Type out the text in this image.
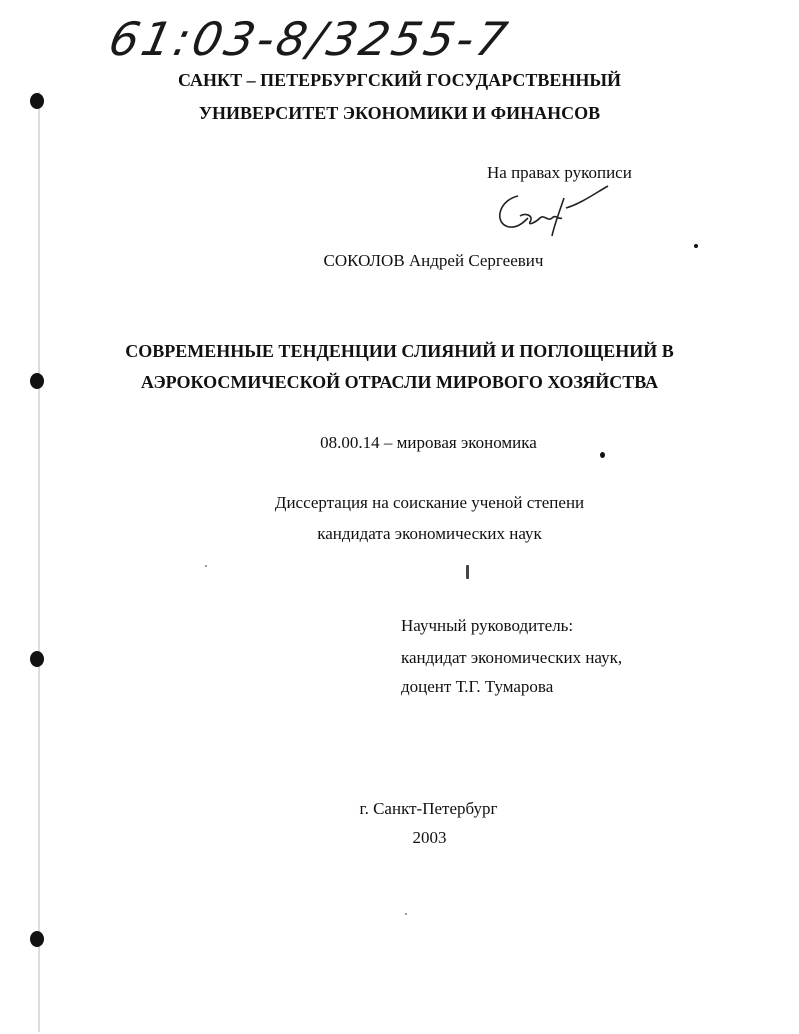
61:03-8/3255-7
САНКТ – ПЕТЕРБУРГСКИЙ ГОСУДАРСТВЕННЫЙ
УНИВЕРСИТЕТ ЭКОНОМИКИ И ФИНАНСОВ
На правах рукописи
СОКОЛОВ Андрей Сергеевич
СОВРЕМЕННЫЕ ТЕНДЕНЦИИ СЛИЯНИЙ И ПОГЛОЩЕНИЙ В
АЭРОКОСМИЧЕСКОЙ ОТРАСЛИ МИРОВОГО ХОЗЯЙСТВА
08.00.14 – мировая экономика
Диссертация на соискание ученой степени
кандидата экономических наук
Научный руководитель:
кандидат экономических наук,
доцент Т.Г. Тумарова
г. Санкт-Петербург
2003
